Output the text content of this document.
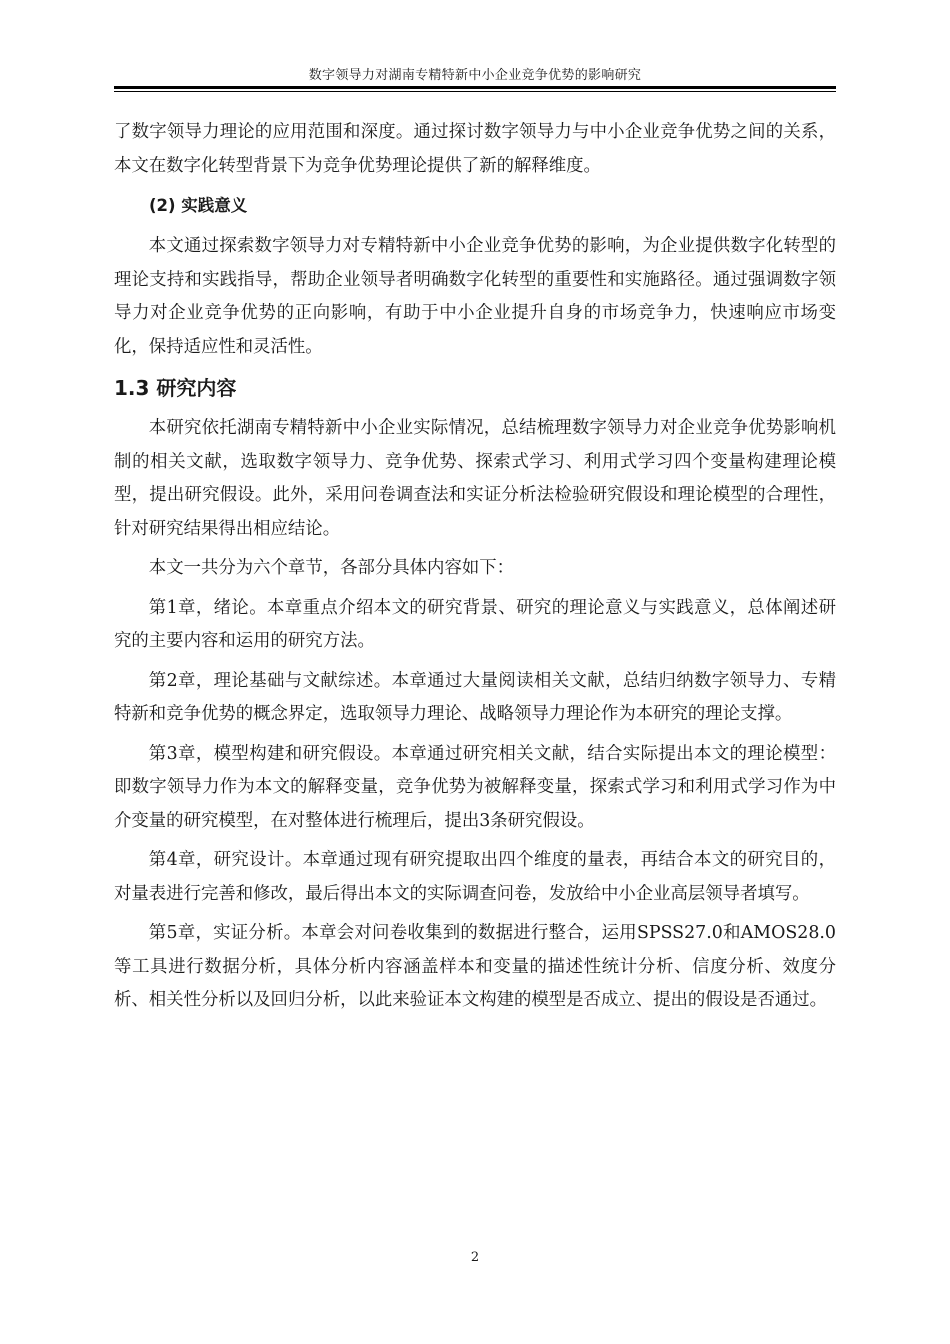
数字领导力对湖南专精特新中小企业竞争优势的影响研究

了数字领导力理论的应用范围和深度。通过探讨数字领导力与中小企业竞争优势之间的关系，本文在数字化转型背景下为竞争优势理论提供了新的解释维度。

(2) 实践意义

本文通过探索数字领导力对专精特新中小企业竞争优势的影响，为企业提供数字化转型的理论支持和实践指导，帮助企业领导者明确数字化转型的重要性和实施路径。通过强调数字领导力对企业竞争优势的正向影响，有助于中小企业提升自身的市场竞争力，快速响应市场变化，保持适应性和灵活性。

1.3 研究内容

本研究依托湖南专精特新中小企业实际情况，总结梳理数字领导力对企业竞争优势影响机制的相关文献，选取数字领导力、竞争优势、探索式学习、利用式学习四个变量构建理论模型，提出研究假设。此外，采用问卷调查法和实证分析法检验研究假设和理论模型的合理性，针对研究结果得出相应结论。

本文一共分为六个章节，各部分具体内容如下：

第1章，绪论。本章重点介绍本文的研究背景、研究的理论意义与实践意义，总体阐述研究的主要内容和运用的研究方法。

第2章，理论基础与文献综述。本章通过大量阅读相关文献，总结归纳数字领导力、专精特新和竞争优势的概念界定，选取领导力理论、战略领导力理论作为本研究的理论支撑。

第3章，模型构建和研究假设。本章通过研究相关文献，结合实际提出本文的理论模型：即数字领导力作为本文的解释变量，竞争优势为被解释变量，探索式学习和利用式学习作为中介变量的研究模型，在对整体进行梳理后，提出3条研究假设。

第4章，研究设计。本章通过现有研究提取出四个维度的量表，再结合本文的研究目的，对量表进行完善和修改，最后得出本文的实际调查问卷，发放给中小企业高层领导者填写。

第5章，实证分析。本章会对问卷收集到的数据进行整合，运用SPSS27.0和AMOS28.0等工具进行数据分析，具体分析内容涵盖样本和变量的描述性统计分析、信度分析、效度分析、相关性分析以及回归分析，以此来验证本文构建的模型是否成立、提出的假设是否通过。

2
